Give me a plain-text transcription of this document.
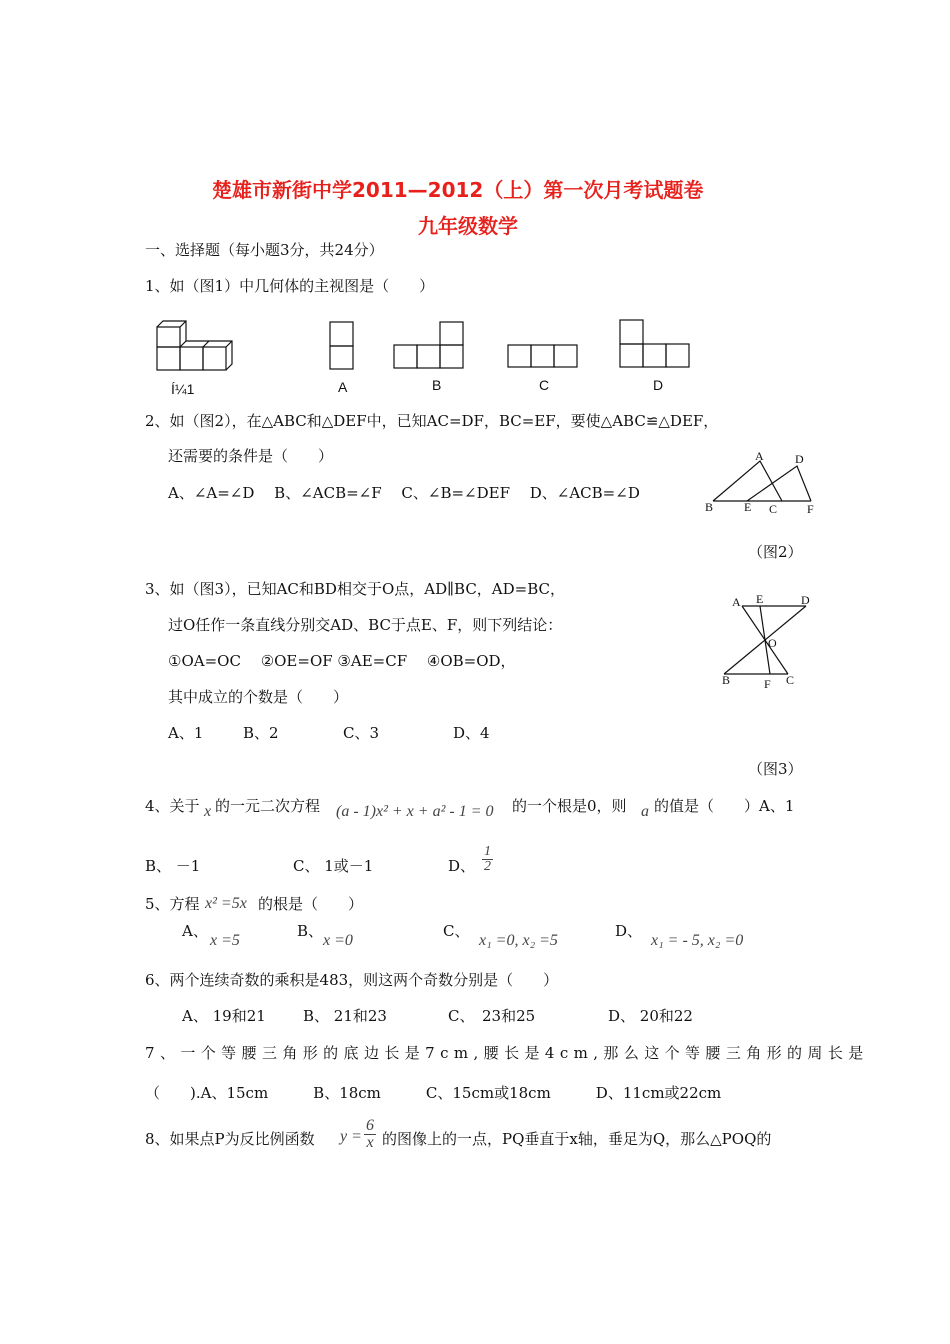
楚雄市新街中学2011—2012（上）第一次月考试题卷
九年级数学
一、选择题（每小题3分，共24分）
1、如（图1）中几何体的主视图是（　　）
Í¼1	A	B	C	D
2、如（图2），在△ABC和△DEF中，已知AC=DF，BC=EF，要使△ABC≌△DEF，
还需要的条件是（　　）
A、∠A=∠D　 B、∠ACB=∠F　 C、∠B=∠DEF　 D、∠ACB=∠D
A	D
B	E C F
（图2）
3、如（图3），已知AC和BD相交于O点，AD∥BC，AD=BC，
过O任作一条直线分别交AD、BC于点E、F，则下列结论：
①OA=OC　 ②OE=OF ③AE=CF　 ④OB=OD，
其中成立的个数是（　　）
A、1	B、2	C、3	D、4
A E	D
O
B	F C
（图3）
4、关于 x 的一元二次方程 (a - 1)x² + x + a² - 1 = 0 的一个根是0，则 a 的值是（　　）A、1
B、 －1	C、 1或－1	D、 $\frac{1}{2}$
5、方程 x² =5x 的根是（　　）
A、
x =5
B、
x =0
C、
x₁ =0, x₂ =5
D、
x₁ = - 5, x₂ =0
6、两个连续奇数的乘积是483，则这两个奇数分别是（　　）
A、 19和21 B、 21和23	C、　23和25	D、 20和22
7、一个等腰三角形的底边长是7cm,腰长是4cm,那么这个等腰三角形的周长是
（　　).A、15cm　　　B、18cm　　　C、15cm或18cm　　　D、11cm或22cm
8、如果点P为反比例函数 $y = \frac{6}{x}$ 的图像上的一点，PQ垂直于x轴，垂足为Q，那么△POQ的
